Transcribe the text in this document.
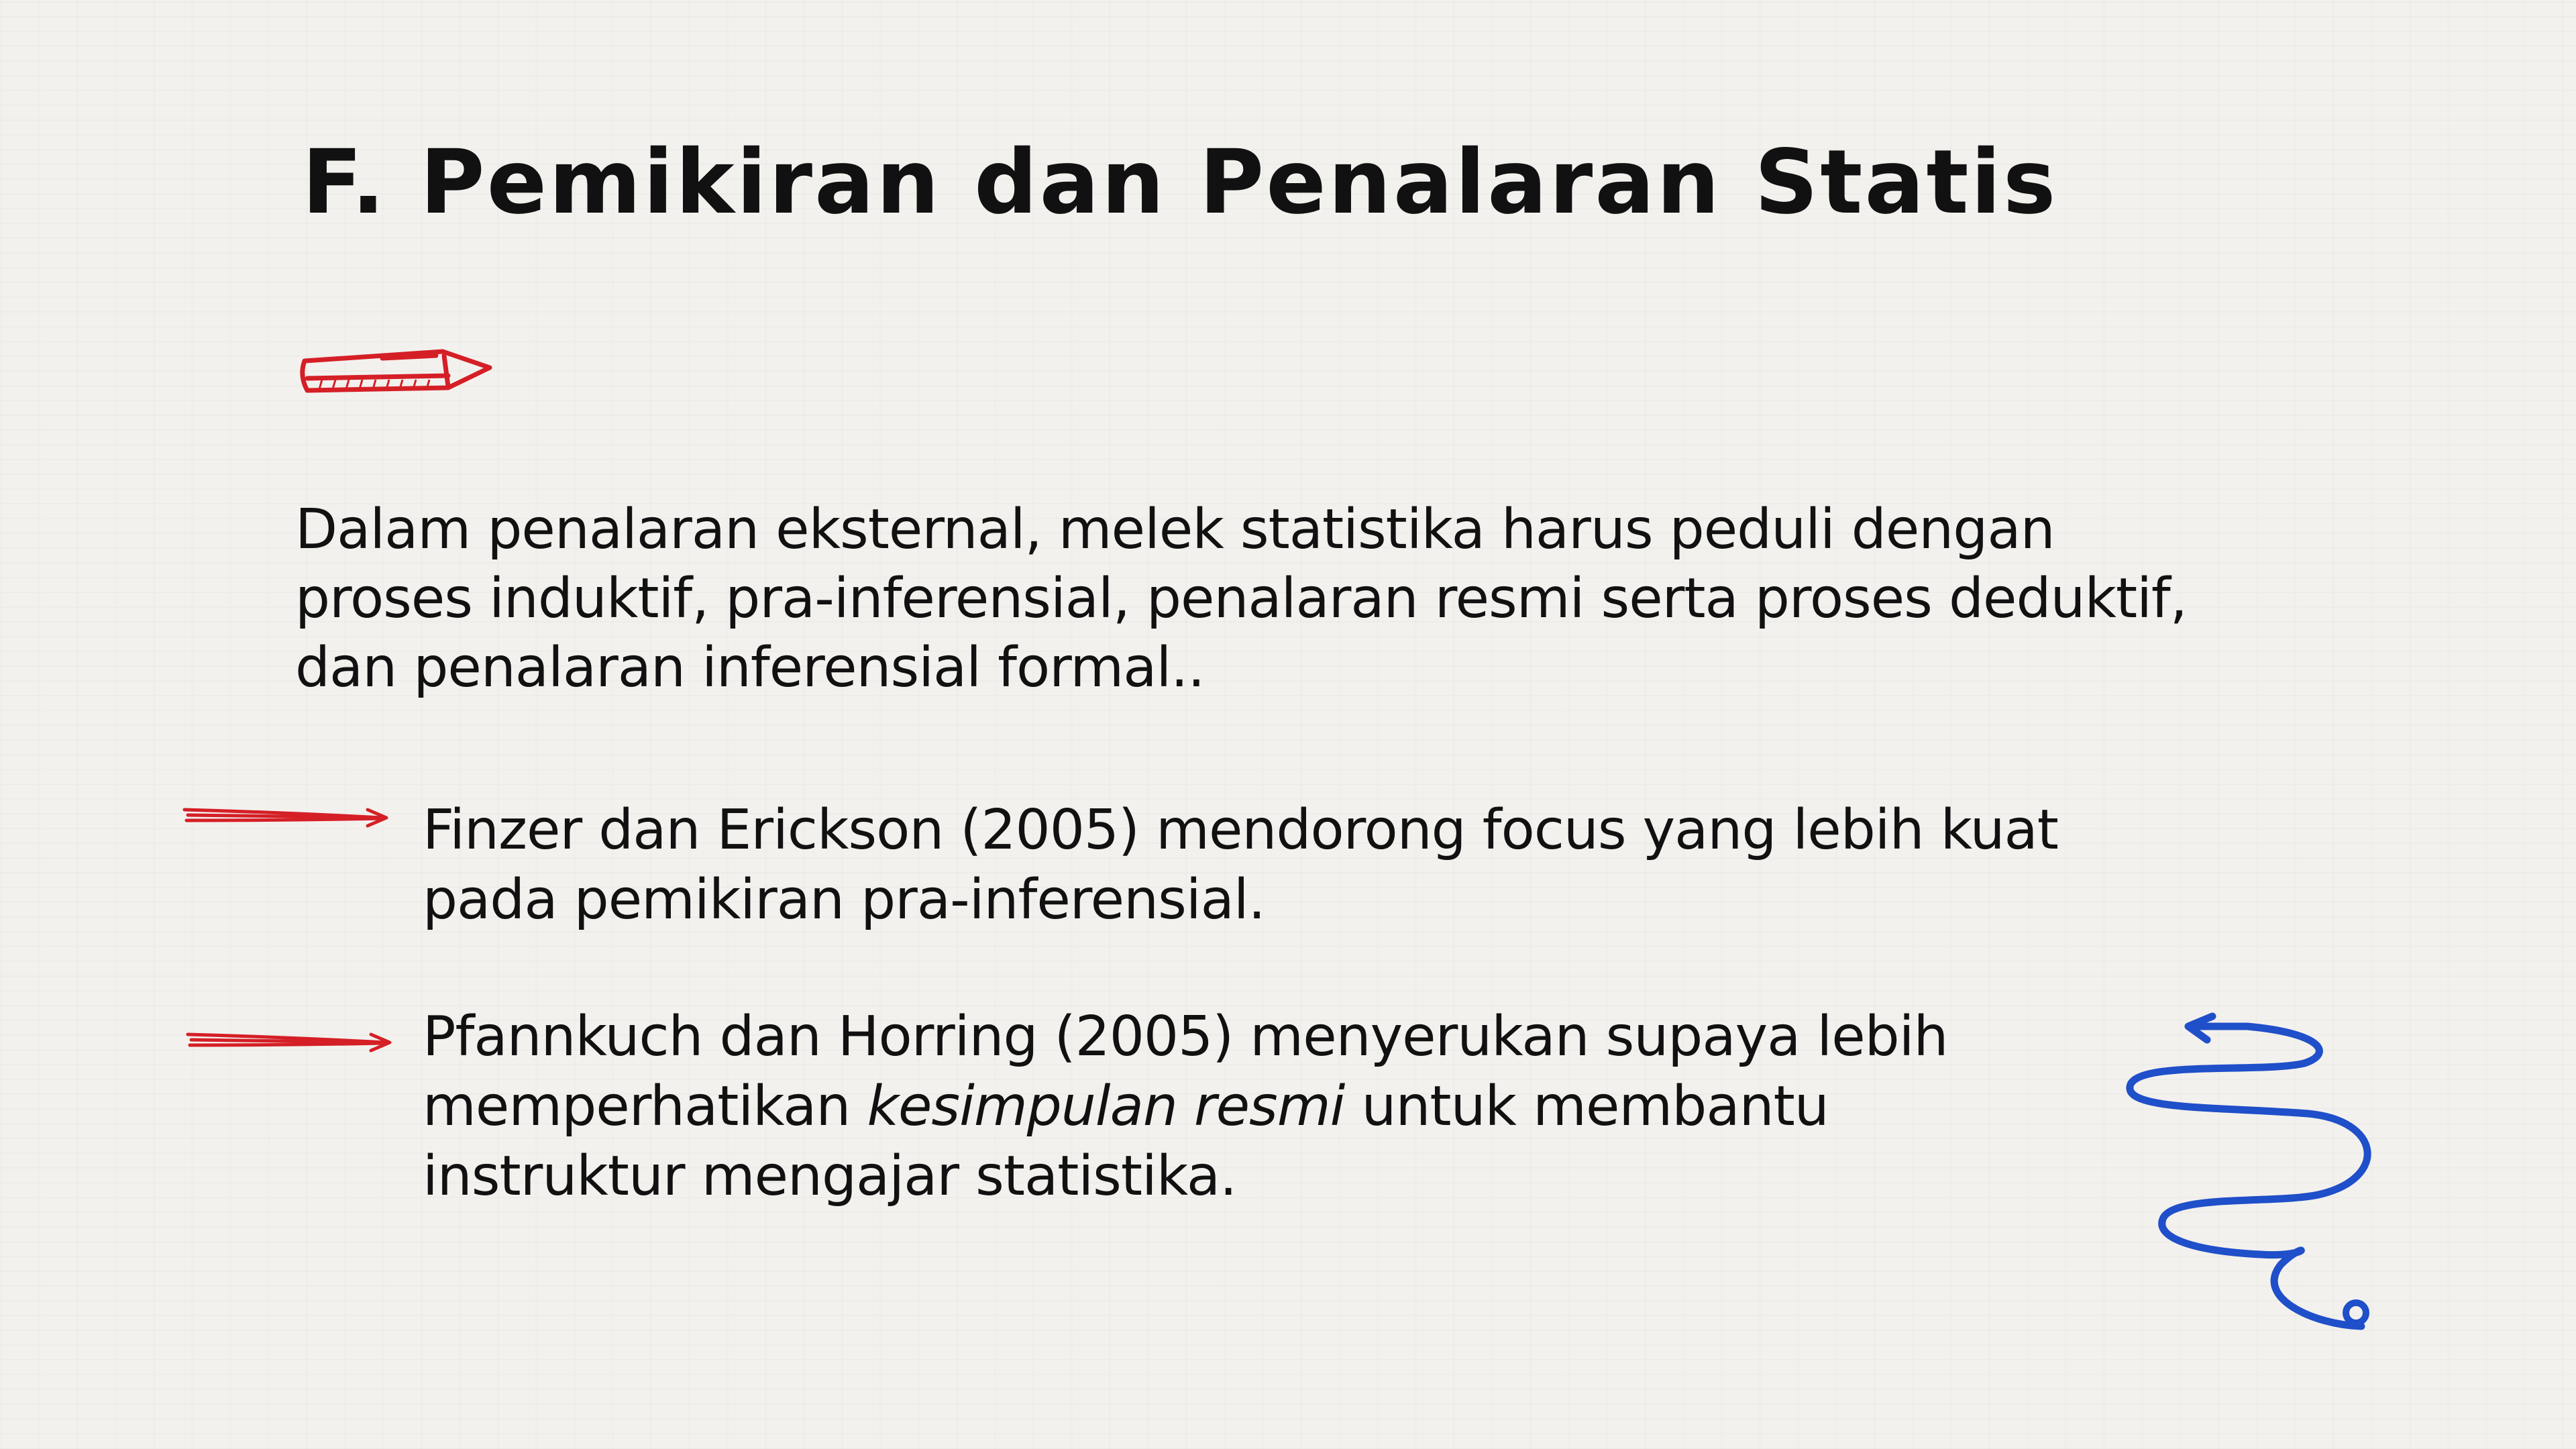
F. Pemikiran dan Penalaran Statis

Dalam penalaran eksternal, melek statistika harus peduli dengan proses induktif, pra-inferensial, penalaran resmi serta proses deduktif, dan penalaran inferensial formal..

Finzer dan Erickson (2005) mendorong focus yang lebih kuat pada pemikiran pra-inferensial.

Pfannkuch dan Horring (2005) menyerukan supaya lebih memperhatikan kesimpulan resmi untuk membantu instruktur mengajar statistika.
